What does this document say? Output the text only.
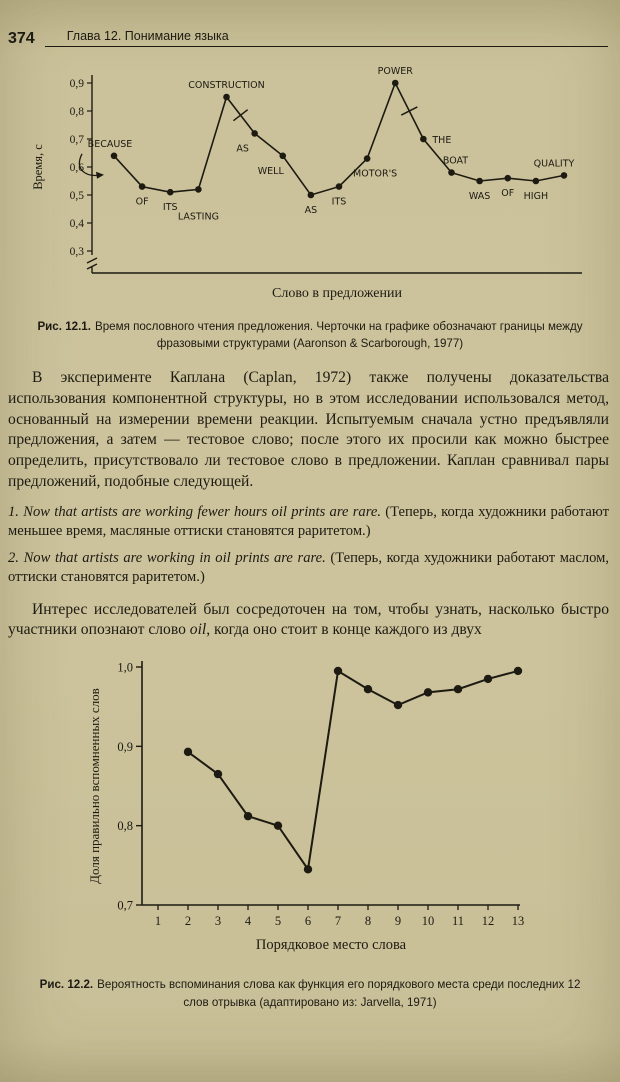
374	Глава 12. Понимание языка
0,9
0,8
0,7
0,6
0,5
0,4
0,3
BECAUSE
OF
ITS
LASTING
CONSTRUCTION
AS
WELL
AS
ITS
MOTOR'S
POWER
THE
BOAT
WAS OF HIGH
QUALITY
Время, с
Слово в предложении
Рис. 12.1. Время пословного чтения предложения. Черточки на графике обозначают границы между фразовыми структурами (Aaronson & Scarborough, 1977)

В эксперименте Каплана (Caplan, 1972) также получены доказательства использования компонентной структуры, но в этом исследовании использовался метод, основанный на измерении времени реакции. Испытуемым сначала устно предъявляли предложения, а затем — тестовое слово; после этого их просили как можно быстрее определить, присутствовало ли тестовое слово в предложении. Каплан сравнивал пары предложений, подобные следующей.

1. Now that artists are working fewer hours oil prints are rare. (Теперь, когда художники работают меньшее время, масляные оттиски становятся раритетом.)

2. Now that artists are working in oil prints are rare. (Теперь, когда художники работают маслом, оттиски становятся раритетом.)

Интерес исследователей был сосредоточен на том, чтобы узнать, насколько быстро участники опознают слово oil, когда оно стоит в конце каждого из двух

1,0
0,9
0,8
0,7
1 2 3 4 5 6 7 8 9 10 11 12 13
Доля правильно вспомненных слов
Порядковое место слова
Рис. 12.2. Вероятность вспоминания слова как функция его порядкового места среди последних 12 слов отрывка (адаптировано из: Jarvella, 1971)
